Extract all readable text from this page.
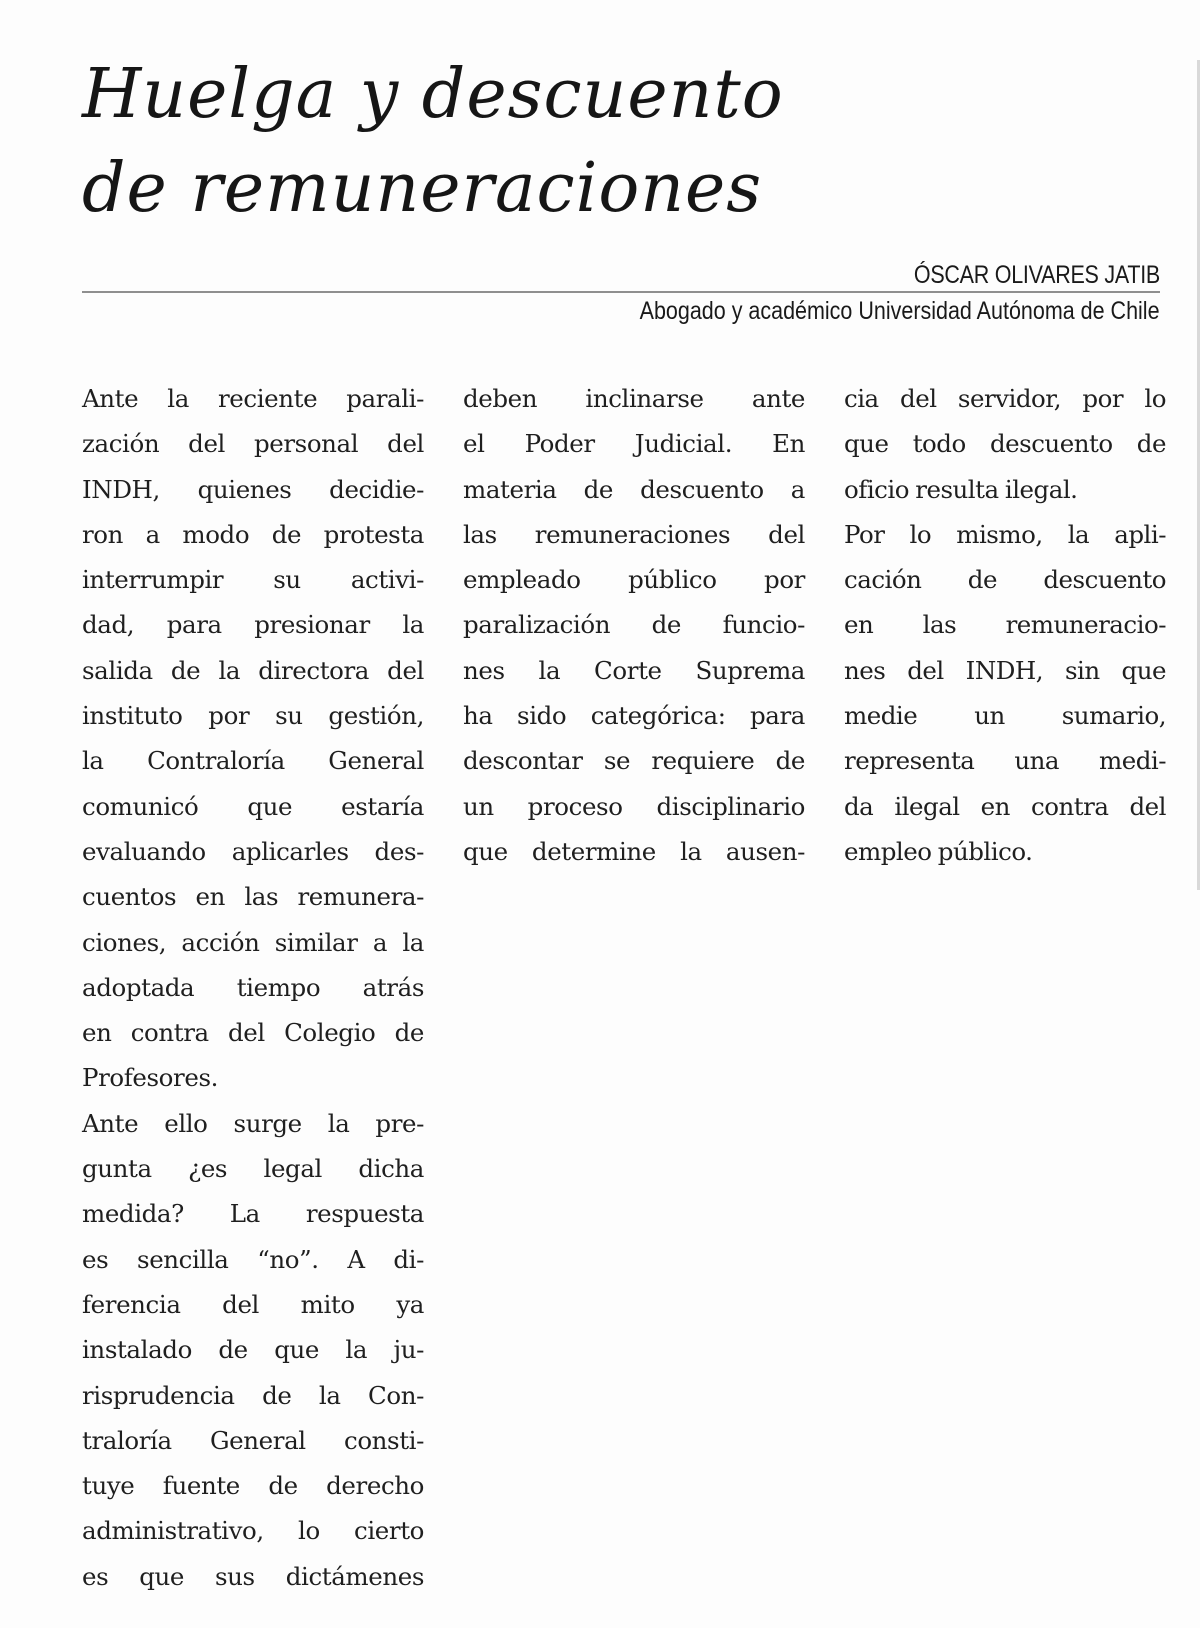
Huelga y descuento
de remuneraciones
ÓSCAR OLIVARES JATIB
Abogado y académico Universidad Autónoma de Chile
Ante la reciente parali-
zación del personal del
INDH, quienes decidie-
ron a modo de protesta
interrumpir su activi-
dad, para presionar la
salida de la directora del
instituto por su gestión,
la Contraloría General
comunicó que estaría
evaluando aplicarles des-
cuentos en las remunera-
ciones, acción similar a la
adoptada tiempo atrás
en contra del Colegio de
Profesores.
Ante ello surge la pre-
gunta ¿es legal dicha
medida? La respuesta
es sencilla “no”. A di-
ferencia del mito ya
instalado de que la ju-
risprudencia de la Con-
traloría General consti-
tuye fuente de derecho
administrativo, lo cierto
es que sus dictámenes
deben inclinarse ante
el Poder Judicial. En
materia de descuento a
las remuneraciones del
empleado público por
paralización de funcio-
nes la Corte Suprema
ha sido categórica: para
descontar se requiere de
un proceso disciplinario
que determine la ausen-
cia del servidor, por lo
que todo descuento de
oficio resulta ilegal.
Por lo mismo, la apli-
cación de descuento
en las remuneracio-
nes del INDH, sin que
medie un sumario,
representa una medi-
da ilegal en contra del
empleo público.
